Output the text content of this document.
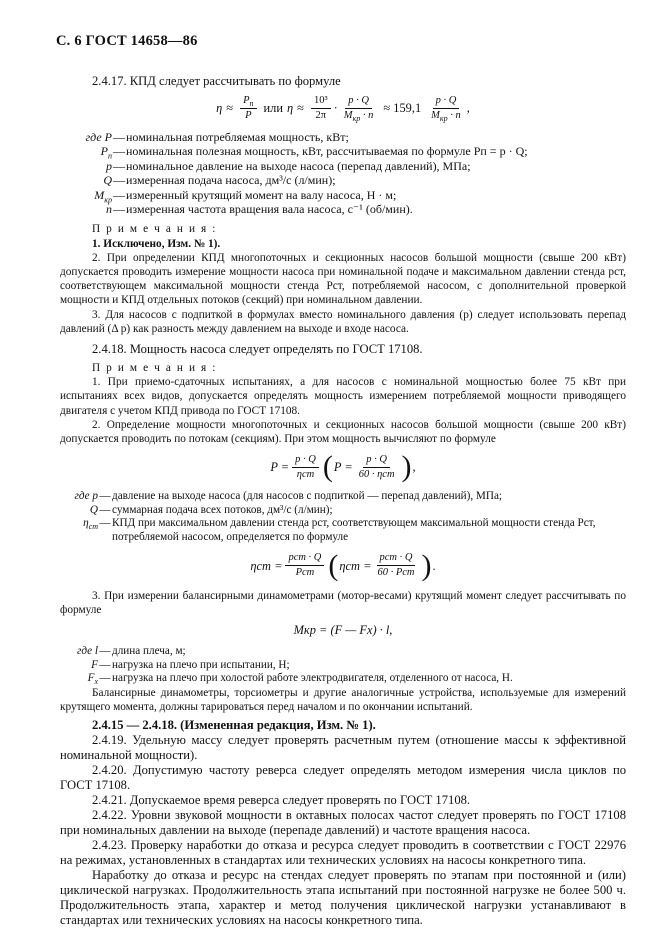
С. 6 ГОСТ 14658—86

2.4.17. КПД следует рассчитывать по формуле

$\eta \approx \frac{P_п}{P}$ или $\eta \approx \frac{\text{10³}}{2\pi} \cdot \frac{p \cdot Q}{M_{кр} \cdot n} \approx 159,1 \frac{p \cdot Q}{M_{кр} \cdot n}$ ,
где P — номинальная потребляемая мощность, кВт;
$P_п$ — номинальная полезная мощность, кВт, рассчитываемая по формуле Pп = p · Q;
p — номинальное давление на выходе насоса (перепад давлений), МПа;
Q — измеренная подача насоса, дм³/с (л/мин);
$M_{кр}$ — измеренный крутящий момент на валу насоса, Н · м;
n — измеренная частота вращения вала насоса, с⁻¹ (об/мин).

П р и м е ч а н и я :

1. Исключено, Изм. № 1).

2. При определении КПД многопоточных и секционных насосов большой мощности (свыше 200 кВт) допускается проводить измерение мощности насоса при номинальной подаче и максимальном давлении стенда pст, соответствующем максимальной мощности стенда Pст, потребляемой насосом, с дополнительной проверкой мощности и КПД отдельных потоков (секций) при номинальном давлении.

3. Для насосов с подпиткой в формулах вместо номинального давления (p) следует использовать перепад давлений (Δ p) как разность между давлением на выходе и входе насоса.

2.4.18. Мощность насоса следует определять по ГОСТ 17108.

П р и м е ч а н и я :

1. При приемо-сдаточных испытаниях, а для насосов с номинальной мощностью более 75 кВт при испытаниях всех видов, допускается определять мощность измерением потребляемой мощности приводящего двигателя с учетом КПД привода по ГОСТ 17108.

2. Определение мощности многопоточных и секционных насосов большой мощности (свыше 200 кВт) допускается проводить по потокам (секциям). При этом мощность вычисляют по формуле

$P = \frac{p \cdot Q}{\text{ηст}}$ ( $P = \frac{p \cdot Q}{\text{60 · ηст}}$ ) ,
где p — давление на выходе насоса (для насосов с подпиткой — перепад давлений), МПа;
Q — суммарная подача всех потоков, дм³/с (л/мин);
$\eta_{ст}$ — КПД при максимальном давлении стенда pст, соответствующем максимальной мощности стенда Pст, потребляемой насосом, определяется по формуле
$\eta ст = \frac{\text{pст · Q}}{\text{Pст}}$ ( $\eta ст = \frac{\text{pст · Q}}{\text{60 · Pст}}$ ) .

3. При измерении балансирными динамометрами (мотор-весами) крутящий момент следует рассчитывать по формуле

Mкр = (F — Fх) · l,
где l — длина плеча, м;
F — нагрузка на плечо при испытании, Н;
$F_х$ — нагрузка на плечо при холостой работе электродвигателя, отделенного от насоса, Н.

Балансирные динамометры, торсиометры и другие аналогичные устройства, используемые для измерений крутящего момента, должны тарироваться перед началом и по окончании испытаний.

2.4.15 — 2.4.18. (Измененная редакция, Изм. № 1).

2.4.19. Удельную массу следует проверять расчетным путем (отношение массы к эффективной номинальной мощности).

2.4.20. Допустимую частоту реверса следует определять методом измерения числа циклов по ГОСТ 17108.

2.4.21. Допускаемое время реверса следует проверять по ГОСТ 17108.

2.4.22. Уровни звуковой мощности в октавных полосах частот следует проверять по ГОСТ 17108 при номинальных давлении на выходе (перепаде давлений) и частоте вращения насоса.

2.4.23. Проверку наработки до отказа и ресурса следует проводить в соответствии с ГОСТ 22976 на режимах, установленных в стандартах или технических условиях на насосы конкретного типа.

Наработку до отказа и ресурс на стендах следует проверять по этапам при постоянной и (или) циклической нагрузках. Продолжительность этапа испытаний при постоянной нагрузке не более 500 ч. Продолжительность этапа, характер и метод получения циклической нагрузки устанавливают в стандартах или технических условиях на насосы конкретного типа.
